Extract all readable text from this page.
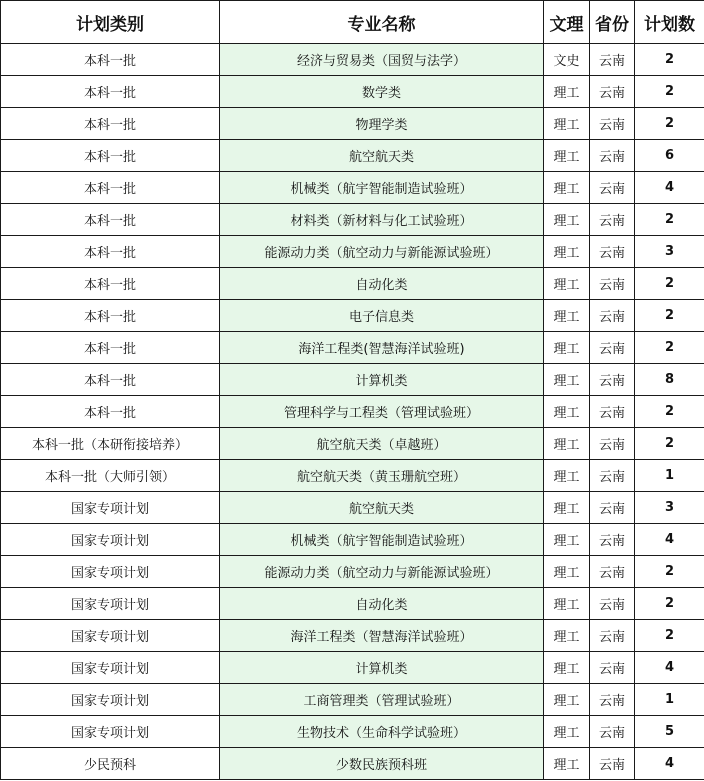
计划类别	专业名称	文理	省份	计划数
本科一批	经济与贸易类（国贸与法学）	文史	云南	2
本科一批	数学类	理工	云南	2
本科一批	物理学类	理工	云南	2
本科一批	航空航天类	理工	云南	6
本科一批	机械类（航宇智能制造试验班）	理工	云南	4
本科一批	材料类（新材料与化工试验班）	理工	云南	2
本科一批	能源动力类（航空动力与新能源试验班）	理工	云南	3
本科一批	自动化类	理工	云南	2
本科一批	电子信息类	理工	云南	2
本科一批	海洋工程类(智慧海洋试验班)	理工	云南	2
本科一批	计算机类	理工	云南	8
本科一批	管理科学与工程类（管理试验班）	理工	云南	2
本科一批（本研衔接培养）	航空航天类（卓越班）	理工	云南	2
本科一批（大师引领）	航空航天类（黄玉珊航空班）	理工	云南	1
国家专项计划	航空航天类	理工	云南	3
国家专项计划	机械类（航宇智能制造试验班）	理工	云南	4
国家专项计划	能源动力类（航空动力与新能源试验班）	理工	云南	2
国家专项计划	自动化类	理工	云南	2
国家专项计划	海洋工程类（智慧海洋试验班）	理工	云南	2
国家专项计划	计算机类	理工	云南	4
国家专项计划	工商管理类（管理试验班）	理工	云南	1
国家专项计划	生物技术（生命科学试验班）	理工	云南	5
少民预科	少数民族预科班	理工	云南	4
